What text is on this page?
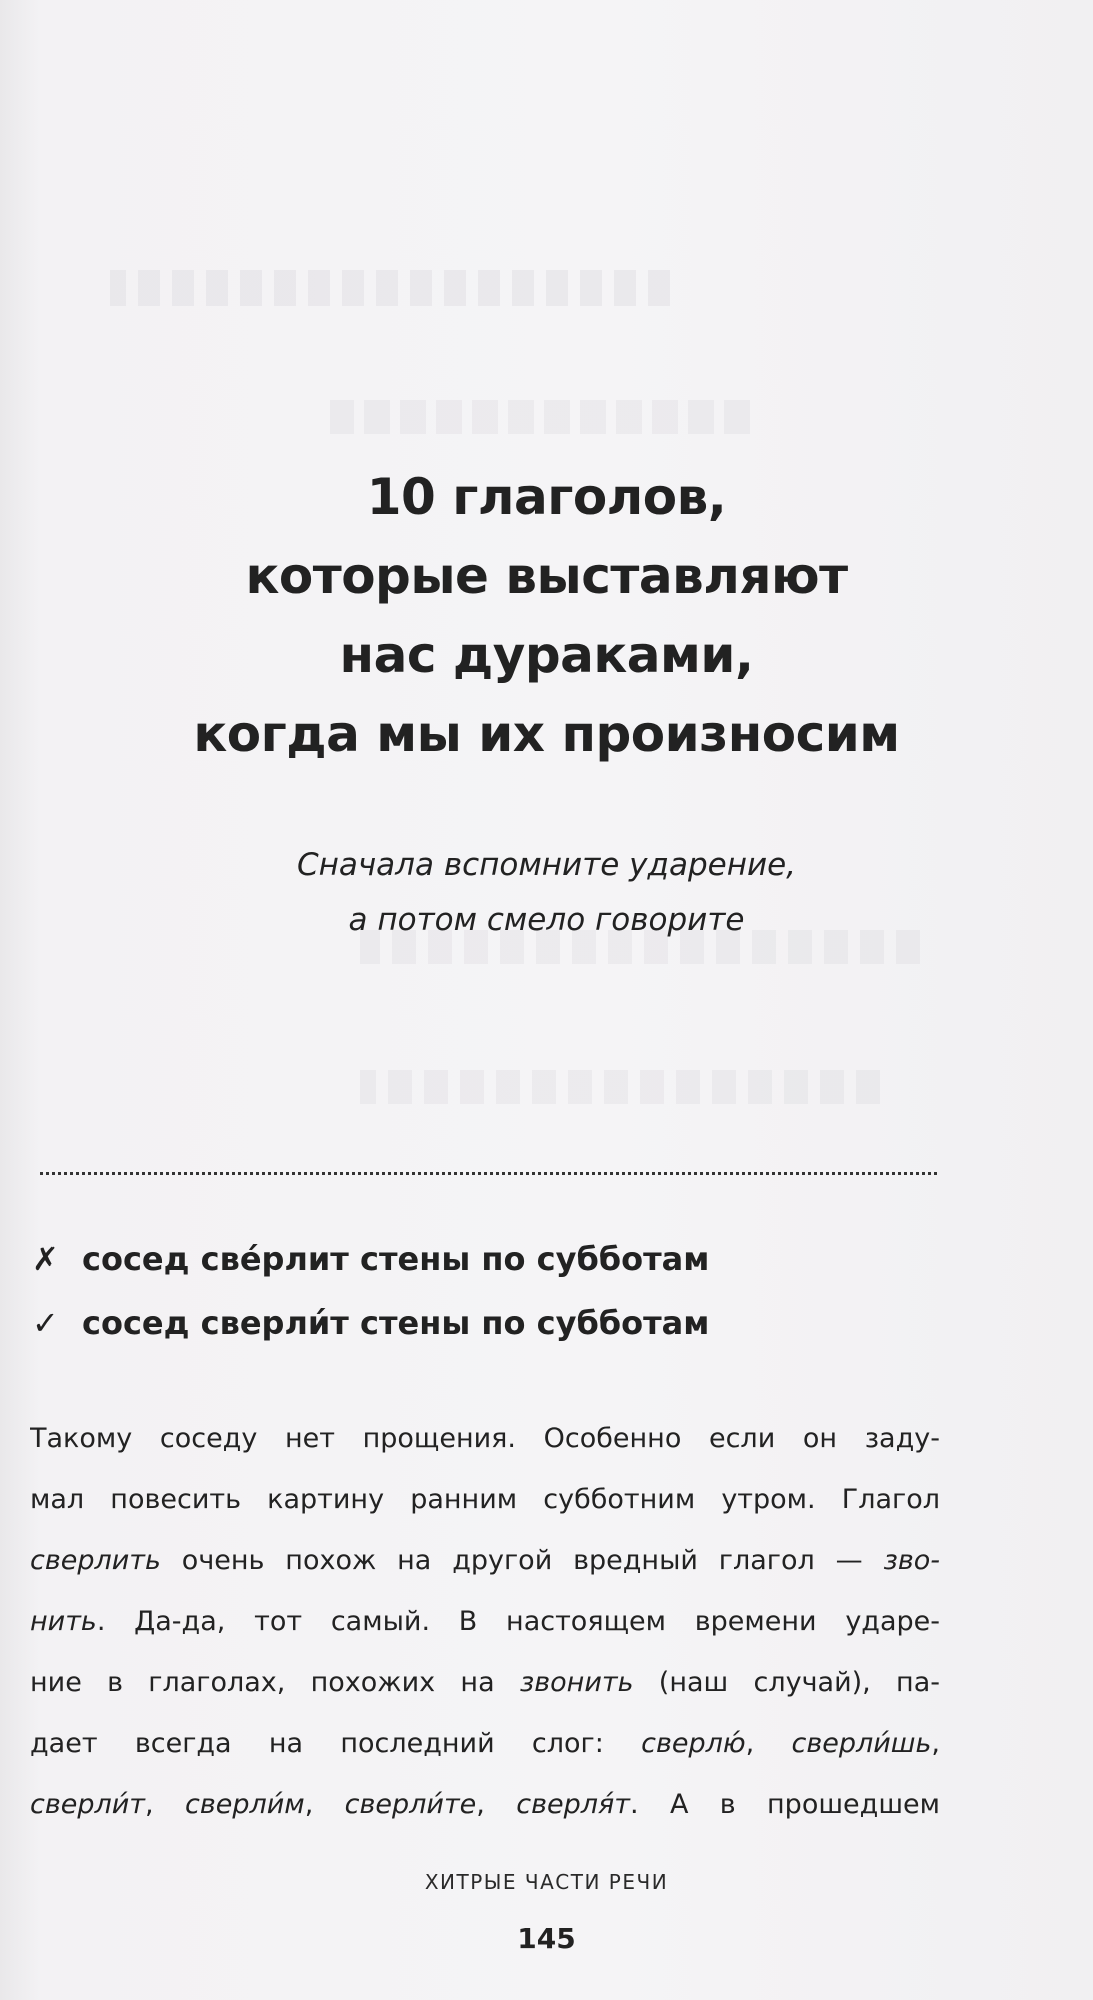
10 глаголов,
которые выставляют
нас дураками,
когда мы их произносим

Сначала вспомните ударение,
а потом смело говорите

✗ сосед све́рлит стены по субботам
✓ сосед сверли́т стены по субботам
Такому соседу нет прощения. Особенно если он заду-
мал повесить картину ранним субботним утром. Глагол
сверлить очень похож на другой вредный глагол — зво-
нить. Да-да, тот самый. В настоящем времени ударе-
ние в глаголах, похожих на звонить (наш случай), па-
дает всегда на последний слог: сверлю́, сверли́шь,
сверли́т, сверли́м, сверли́те, сверля́т. А в прошедшем
ХИТРЫЕ ЧАСТИ РЕЧИ
145
